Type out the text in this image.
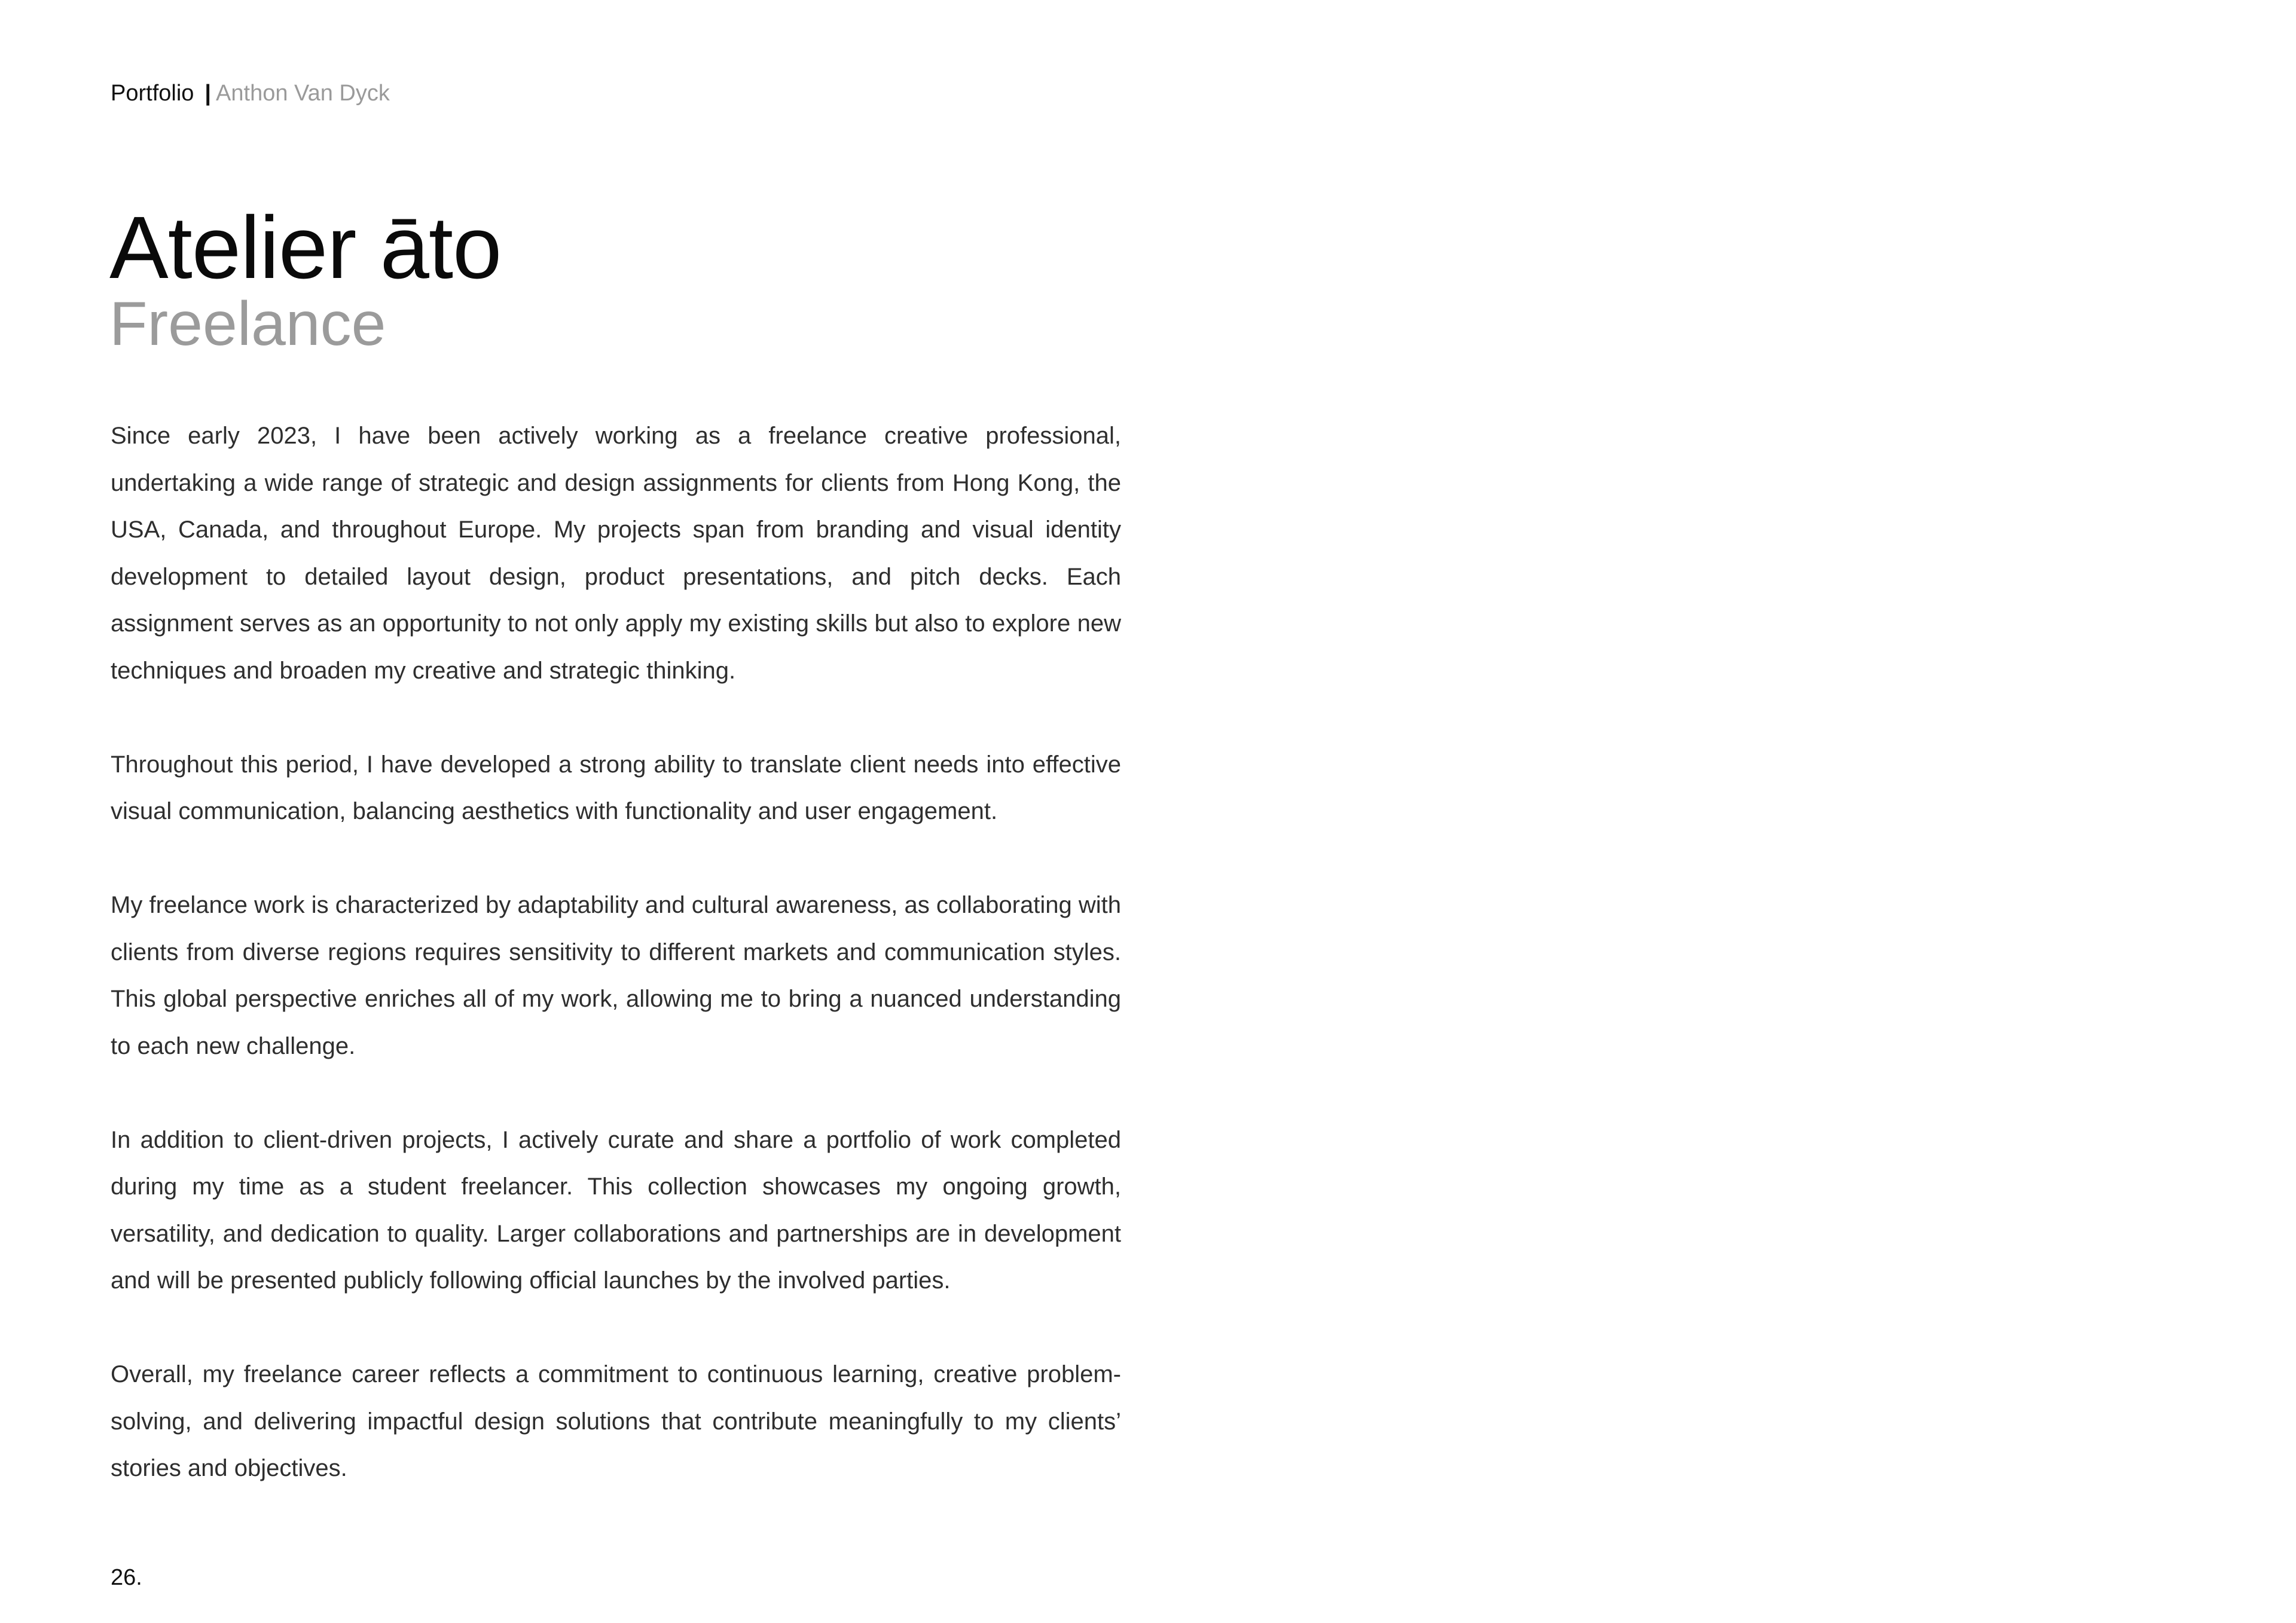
Portfolio | Anthon Van Dyck
Atelier āto
Freelance

Since early 2023, I have been actively working as a freelance creative professional, undertaking a wide range of strategic and design assignments for clients from Hong Kong, the USA, Canada, and throughout Europe. My projects span from branding and visual identity development to detailed layout design, product presentations, and pitch decks. Each assignment serves as an opportunity to not only apply my existing skills but also to explore new techniques and broaden my creative and strategic thinking.

Throughout this period, I have developed a strong ability to translate client needs into effective visual communication, balancing aesthetics with functionality and user engagement.

My freelance work is characterized by adaptability and cultural awareness, as collaborating with clients from diverse regions requires sensitivity to different markets and communication styles. This global perspective enriches all of my work, allowing me to bring a nuanced understanding to each new challenge.

In addition to client-driven projects, I actively curate and share a portfolio of work completed during my time as a student freelancer. This collection showcases my ongoing growth, versatility, and dedication to quality. Larger collaborations and partnerships are in development and will be presented publicly following official launches by the involved parties.

Overall, my freelance career reflects a commitment to continuous learning, creative problem-solving, and delivering impactful design solutions that contribute meaningfully to my clients’ stories and objectives.

26.
